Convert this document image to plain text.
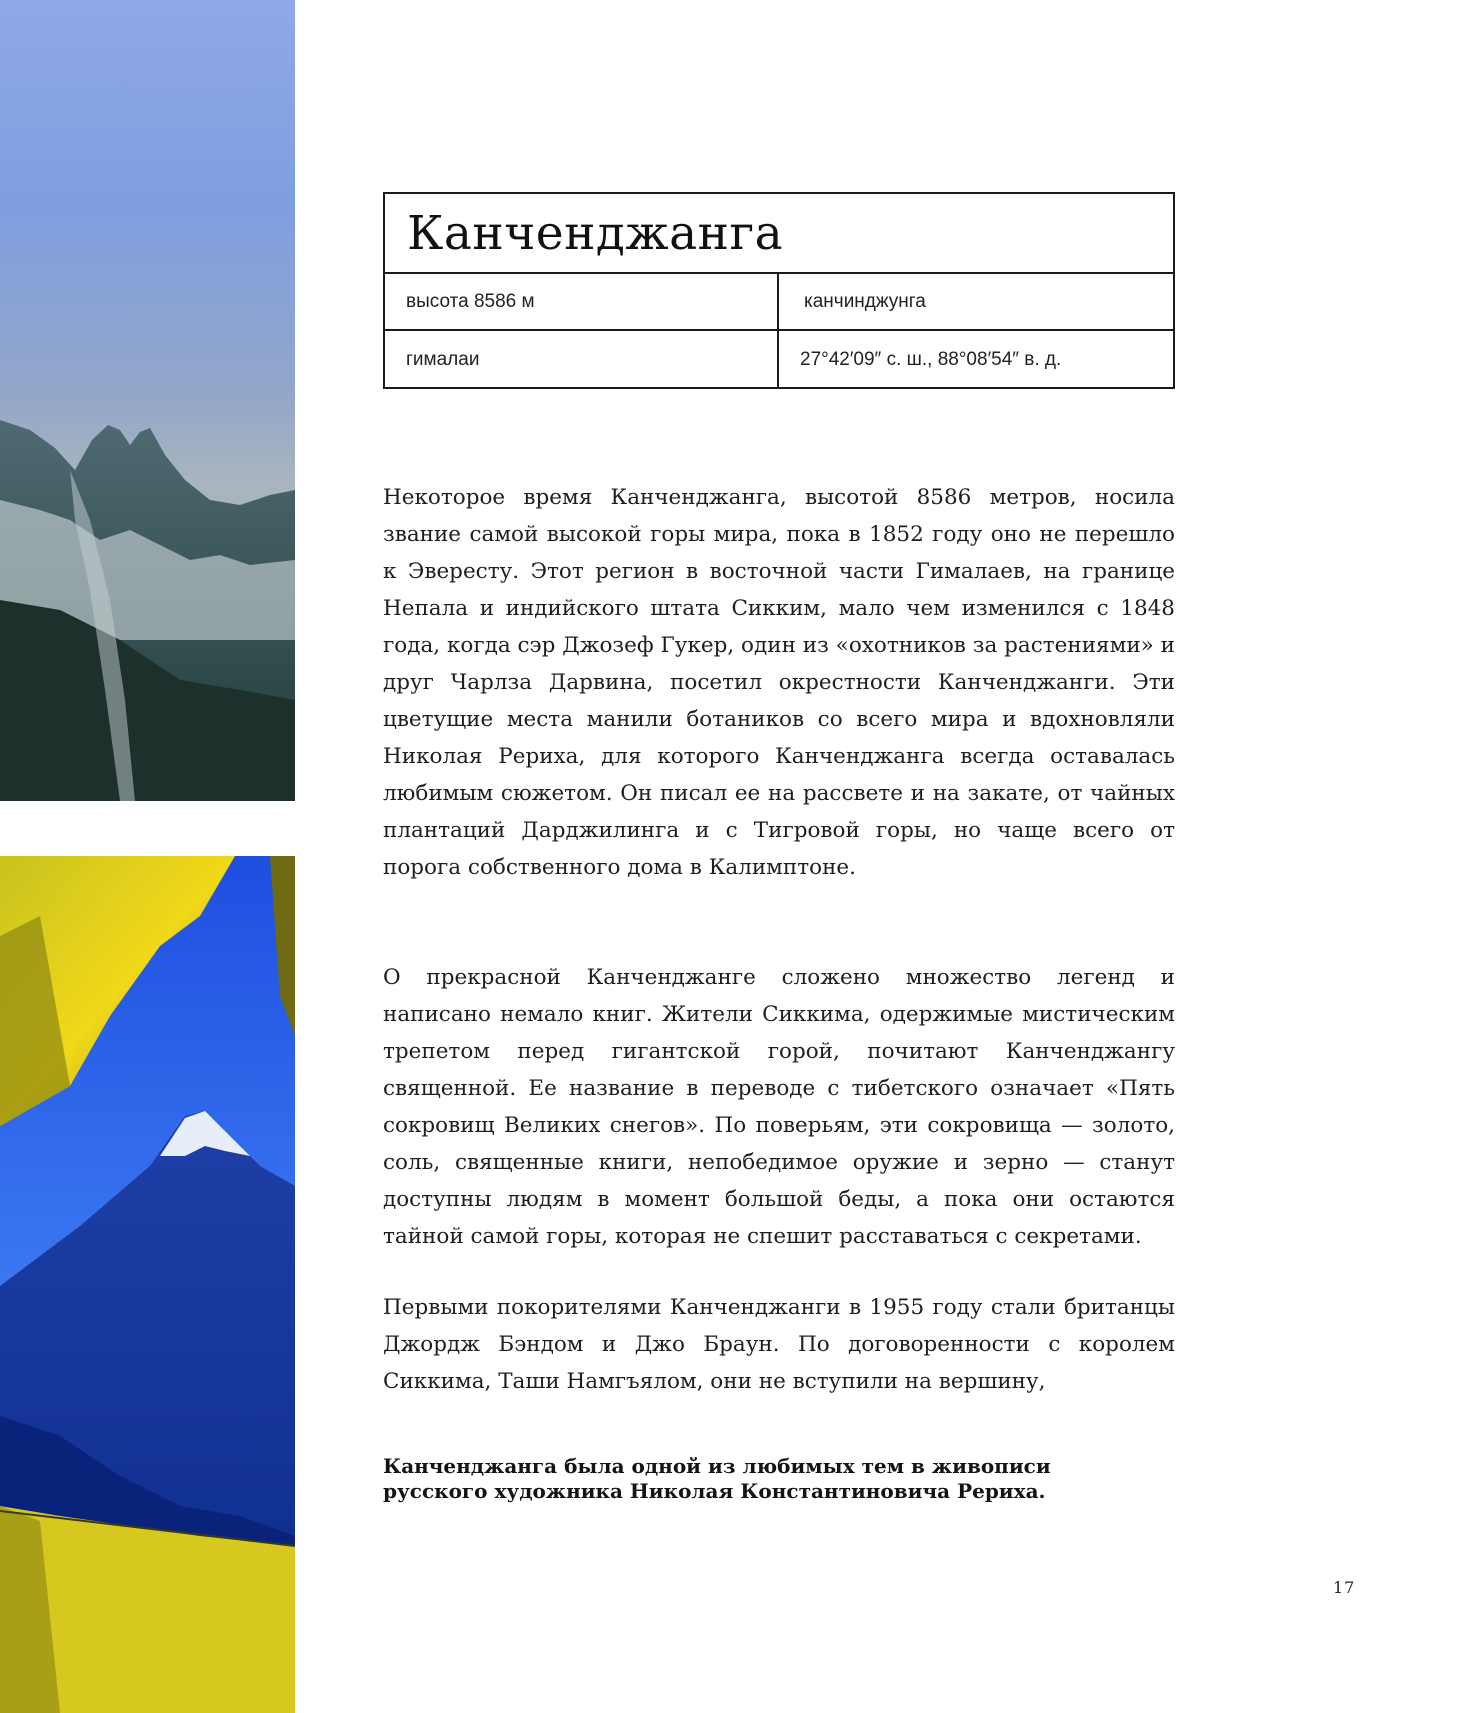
Канченджанга
высота 8586 м	канчинджунга
гималаи	27°42′09″ с. ш., 88°08′54″ в. д.

Некоторое время Канченджанга, высотой 8586 метров, носила звание самой высокой горы мира, пока в 1852 году оно не перешло к Эвересту. Этот регион в восточной части Гималаев, на границе Непала и индийского штата Сикким, мало чем изменился с 1848 года, когда сэр Джозеф Гукер, один из «охотников за растениями» и друг Чарлза Дарвина, посетил окрестности Канченджанги. Эти цветущие места манили ботаников со всего мира и вдохновляли Николая Рериха, для которого Канченджанга всегда оставалась любимым сюжетом. Он писал ее на рассвете и на закате, от чайных плантаций Дарджилинга и с Тигровой горы, но чаще всего от порога собственного дома в Калимптоне.

О прекрасной Канченджанге сложено множество легенд и написано немало книг. Жители Сиккима, одержимые мистическим трепетом перед гигантской горой, почитают Канченджангу священной. Ее название в переводе с тибетского означает «Пять сокровищ Великих снегов». По поверьям, эти сокровища — золото, соль, священные книги, непобедимое оружие и зерно — станут доступны людям в момент большой беды, а пока они остаются тайной самой горы, которая не спешит расставаться с секретами.

Первыми покорителями Канченджанги в 1955 году стали британцы Джордж Бэндом и Джо Браун. По договоренности с королем Сиккима, Таши Намгъялом, они не вступили на вершину,

Канченджанга была одной из любимых тем в живописи русского художника Николая Константиновича Рериха.

17
